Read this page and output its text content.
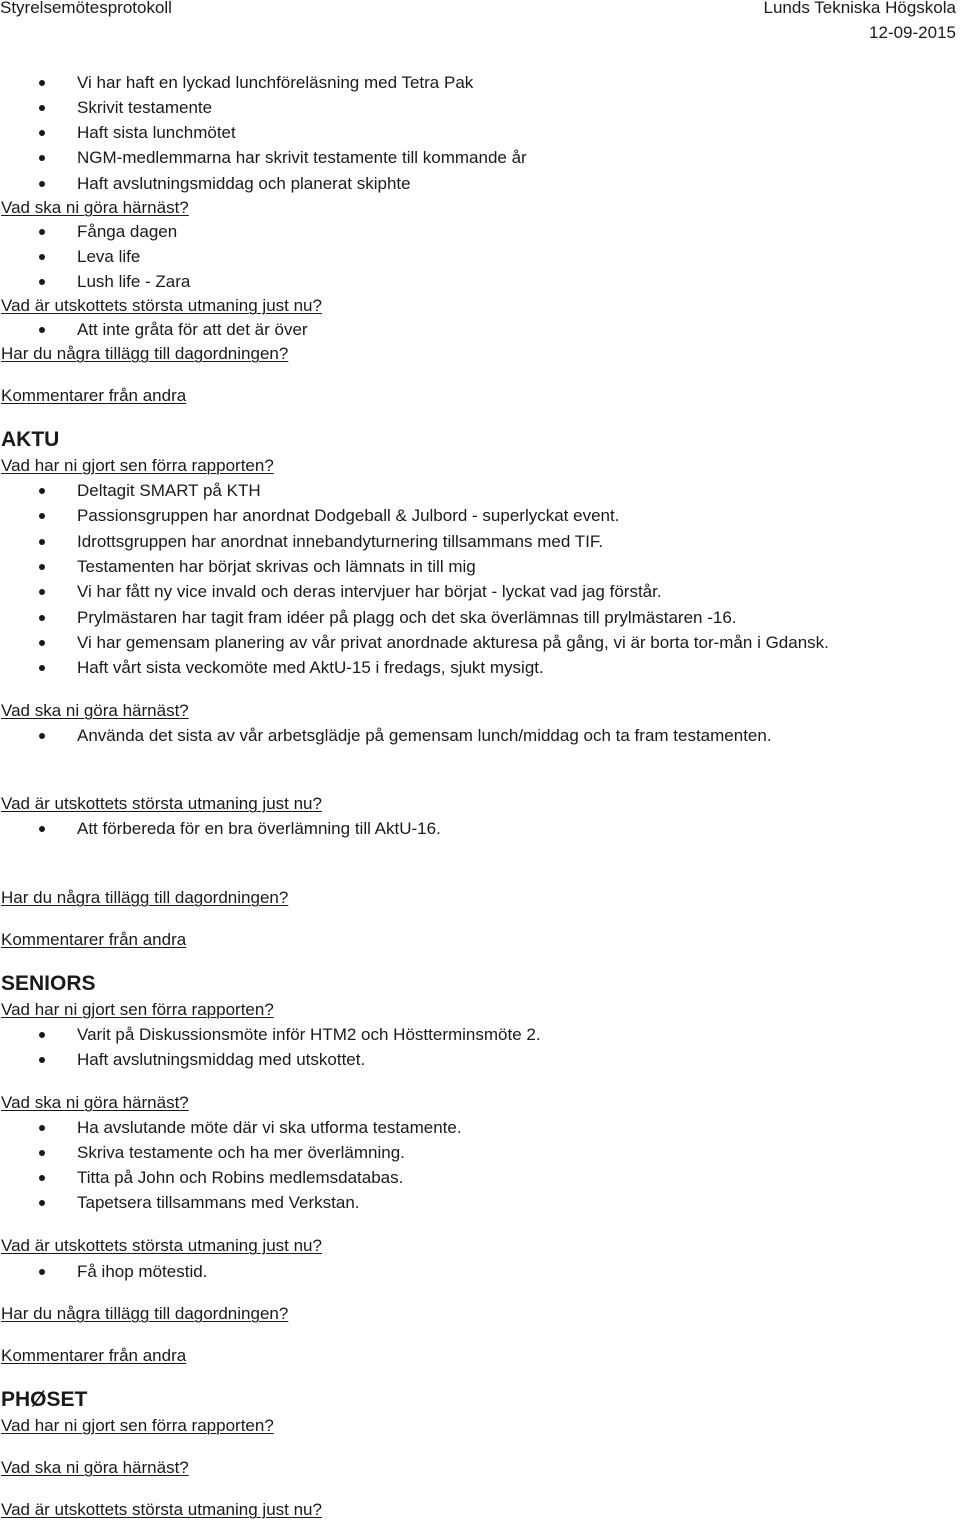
Styrelsemötesprotokoll	Lunds Tekniska Högskola
12-09-2015
Vi har haft en lyckad lunchföreläsning med Tetra Pak
Skrivit testamente
Haft sista lunchmötet
NGM-medlemmarna har skrivit testamente till kommande år
Haft avslutningsmiddag och planerat skiphte
Vad ska ni göra härnäst?
Fånga dagen
Leva life
Lush life - Zara
Vad är utskottets största utmaning just nu?
Att inte gråta för att det är över
Har du några tillägg till dagordningen?
Kommentarer från andra
AKTU
Vad har ni gjort sen förra rapporten?
Deltagit SMART på KTH
Passionsgruppen har anordnat Dodgeball & Julbord - superlyckat event.
Idrottsgruppen har anordnat innebandyturnering tillsammans med TIF.
Testamenten har börjat skrivas och lämnats in till mig
Vi har fått ny vice invald och deras intervjuer har börjat - lyckat vad jag förstår.
Prylmästaren har tagit fram idéer på plagg och det ska överlämnas till prylmästaren -16.
Vi har gemensam planering av vår privat anordnade akturesa på gång, vi är borta tor-mån i Gdansk.
Haft vårt sista veckomöte med AktU-15 i fredags, sjukt mysigt.
Vad ska ni göra härnäst?
Använda det sista av vår arbetsglädje på gemensam lunch/middag och ta fram testamenten.
Vad är utskottets största utmaning just nu?
Att förbereda för en bra överlämning till AktU-16.
Har du några tillägg till dagordningen?
Kommentarer från andra
SENIORS
Vad har ni gjort sen förra rapporten?
Varit på Diskussionsmöte inför HTM2 och Höstterminsmöte 2.
Haft avslutningsmiddag med utskottet.
Vad ska ni göra härnäst?
Ha avslutande möte där vi ska utforma testamente.
Skriva testamente och ha mer överlämning.
Titta på John och Robins medlemsdatabas.
Tapetsera tillsammans med Verkstan.
Vad är utskottets största utmaning just nu?
Få ihop mötestid.
Har du några tillägg till dagordningen?
Kommentarer från andra
PHØSET
Vad har ni gjort sen förra rapporten?
Vad ska ni göra härnäst?
Vad är utskottets största utmaning just nu?
